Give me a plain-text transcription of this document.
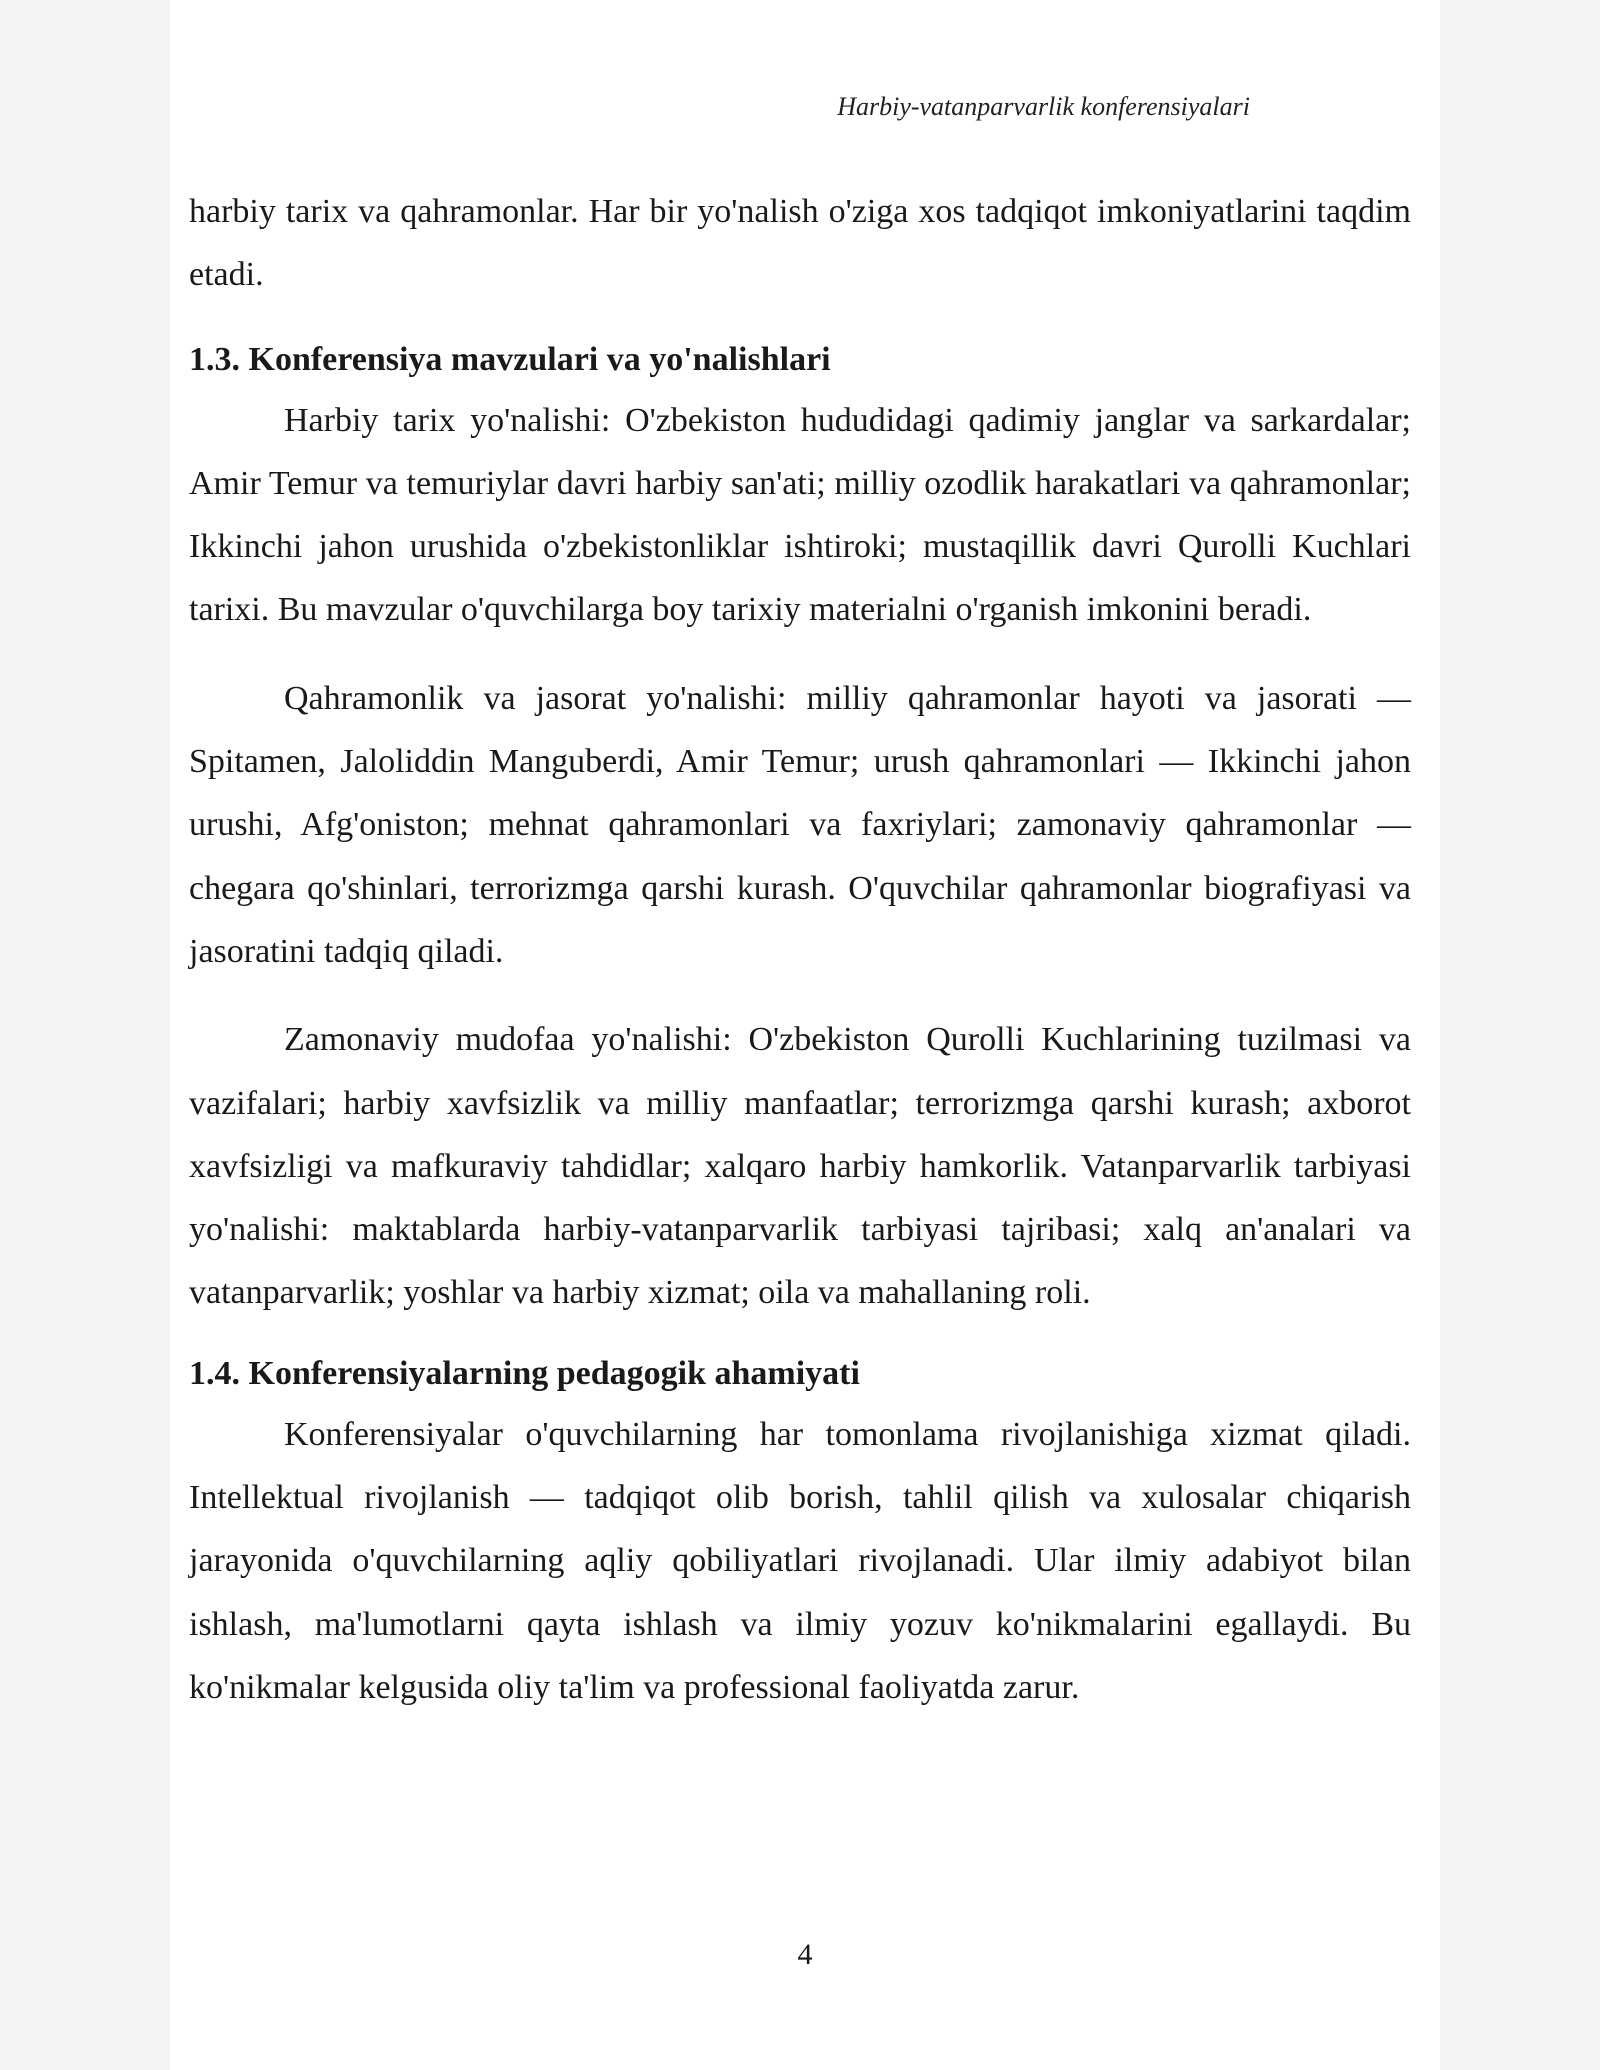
Harbiy-vatanparvarlik konferensiyalari

harbiy tarix va qahramonlar. Har bir yo'nalish o'ziga xos tadqiqot imkoniyatlarini taqdim etadi.

1.3. Konferensiya mavzulari va yo'nalishlari

Harbiy tarix yo'nalishi: O'zbekiston hududidagi qadimiy janglar va sarkardalar; Amir Temur va temuriylar davri harbiy san'ati; milliy ozodlik harakatlari va qahramonlar; Ikkinchi jahon urushida o'zbekistonliklar ishtiroki; mustaqillik davri Qurolli Kuchlari tarixi. Bu mavzular o'quvchilarga boy tarixiy materialni o'rganish imkonini beradi.

Qahramonlik va jasorat yo'nalishi: milliy qahramonlar hayoti va jasorati — Spitamen, Jaloliddin Manguberdi, Amir Temur; urush qahramonlari — Ikkinchi jahon urushi, Afg'oniston; mehnat qahramonlari va faxriylari; zamonaviy qahramonlar — chegara qo'shinlari, terrorizmga qarshi kurash. O'quvchilar qahramonlar biografiyasi va jasoratini tadqiq qiladi.

Zamonaviy mudofaa yo'nalishi: O'zbekiston Qurolli Kuchlarining tuzilmasi va vazifalari; harbiy xavfsizlik va milliy manfaatlar; terrorizmga qarshi kurash; axborot xavfsizligi va mafkuraviy tahdidlar; xalqaro harbiy hamkorlik. Vatanparvarlik tarbiyasi yo'nalishi: maktablarda harbiy-vatanparvarlik tarbiyasi tajribasi; xalq an'analari va vatanparvarlik; yoshlar va harbiy xizmat; oila va mahallaning roli.

1.4. Konferensiyalarning pedagogik ahamiyati

Konferensiyalar o'quvchilarning har tomonlama rivojlanishiga xizmat qiladi. Intellektual rivojlanish — tadqiqot olib borish, tahlil qilish va xulosalar chiqarish jarayonida o'quvchilarning aqliy qobiliyatlari rivojlanadi. Ular ilmiy adabiyot bilan ishlash, ma'lumotlarni qayta ishlash va ilmiy yozuv ko'nikmalarini egallaydi. Bu ko'nikmalar kelgusida oliy ta'lim va professional faoliyatda zarur.

4
